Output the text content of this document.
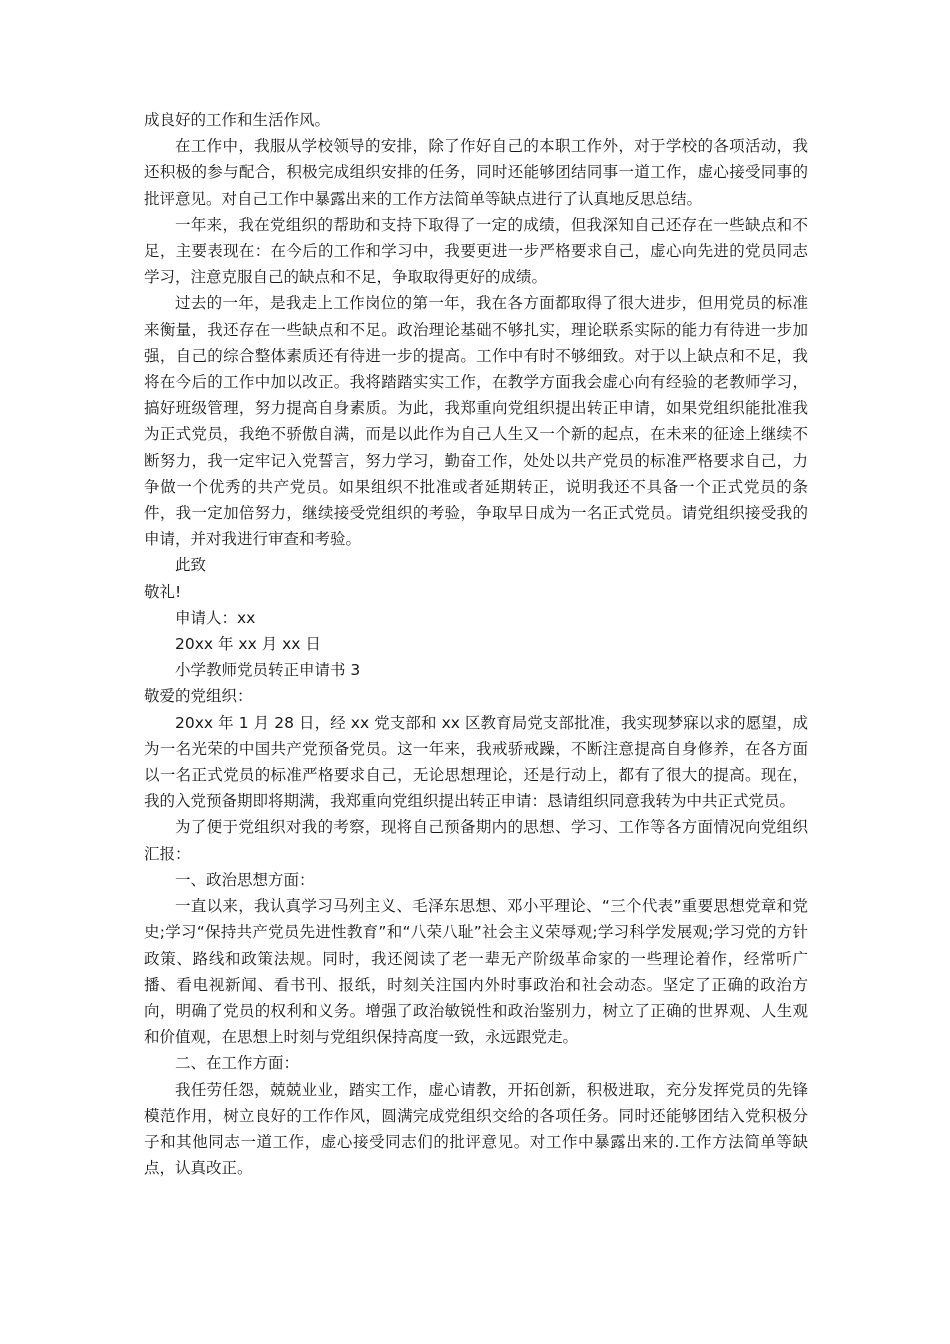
成良好的工作和生活作风。

在工作中，我服从学校领导的安排，除了作好自己的本职工作外，对于学校的各项活动，我还积极的参与配合，积极完成组织安排的任务，同时还能够团结同事一道工作，虚心接受同事的批评意见。对自己工作中暴露出来的工作方法简单等缺点进行了认真地反思总结。

一年来，我在党组织的帮助和支持下取得了一定的成绩，但我深知自己还存在一些缺点和不足，主要表现在：在今后的工作和学习中，我要更进一步严格要求自己，虚心向先进的党员同志学习，注意克服自己的缺点和不足，争取取得更好的成绩。

过去的一年，是我走上工作岗位的第一年，我在各方面都取得了很大进步，但用党员的标准来衡量，我还存在一些缺点和不足。政治理论基础不够扎实，理论联系实际的能力有待进一步加强，自己的综合整体素质还有待进一步的提高。工作中有时不够细致。对于以上缺点和不足，我将在今后的工作中加以改正。我将踏踏实实工作，在教学方面我会虚心向有经验的老教师学习，搞好班级管理，努力提高自身素质。为此，我郑重向党组织提出转正申请，如果党组织能批准我为正式党员，我绝不骄傲自满，而是以此作为自己人生又一个新的起点，在未来的征途上继续不断努力，我一定牢记入党誓言，努力学习，勤奋工作，处处以共产党员的标准严格要求自己，力争做一个优秀的共产党员。如果组织不批准或者延期转正，说明我还不具备一个正式党员的条件，我一定加倍努力，继续接受党组织的考验，争取早日成为一名正式党员。请党组织接受我的申请，并对我进行审查和考验。

此致

敬礼!

申请人：xx

20xx 年 xx 月 xx 日

小学教师党员转正申请书 3

敬爱的党组织：

20xx 年 1 月 28 日，经 xx 党支部和 xx 区教育局党支部批准，我实现梦寐以求的愿望，成为一名光荣的中国共产党预备党员。这一年来，我戒骄戒躁，不断注意提高自身修养，在各方面以一名正式党员的标准严格要求自己，无论思想理论，还是行动上，都有了很大的提高。现在，我的入党预备期即将期满，我郑重向党组织提出转正申请：恳请组织同意我转为中共正式党员。

为了便于党组织对我的考察，现将自己预备期内的思想、学习、工作等各方面情况向党组织汇报：

一、政治思想方面：

一直以来，我认真学习马列主义、毛泽东思想、邓小平理论、“三个代表”重要思想党章和党史;学习“保持共产党员先进性教育”和“八荣八耻”社会主义荣辱观;学习科学发展观;学习党的方针政策、路线和政策法规。同时，我还阅读了老一辈无产阶级革命家的一些理论着作，经常听广播、看电视新闻、看书刊、报纸，时刻关注国内外时事政治和社会动态。坚定了正确的政治方向，明确了党员的权利和义务。增强了政治敏锐性和政治鉴别力，树立了正确的世界观、人生观和价值观，在思想上时刻与党组织保持高度一致，永远跟党走。

二、在工作方面：

我任劳任怨，兢兢业业，踏实工作，虚心请教，开拓创新，积极进取，充分发挥党员的先锋模范作用，树立良好的工作作风，圆满完成党组织交给的各项任务。同时还能够团结入党积极分子和其他同志一道工作，虚心接受同志们的批评意见。对工作中暴露出来的.工作方法简单等缺点，认真改正。
